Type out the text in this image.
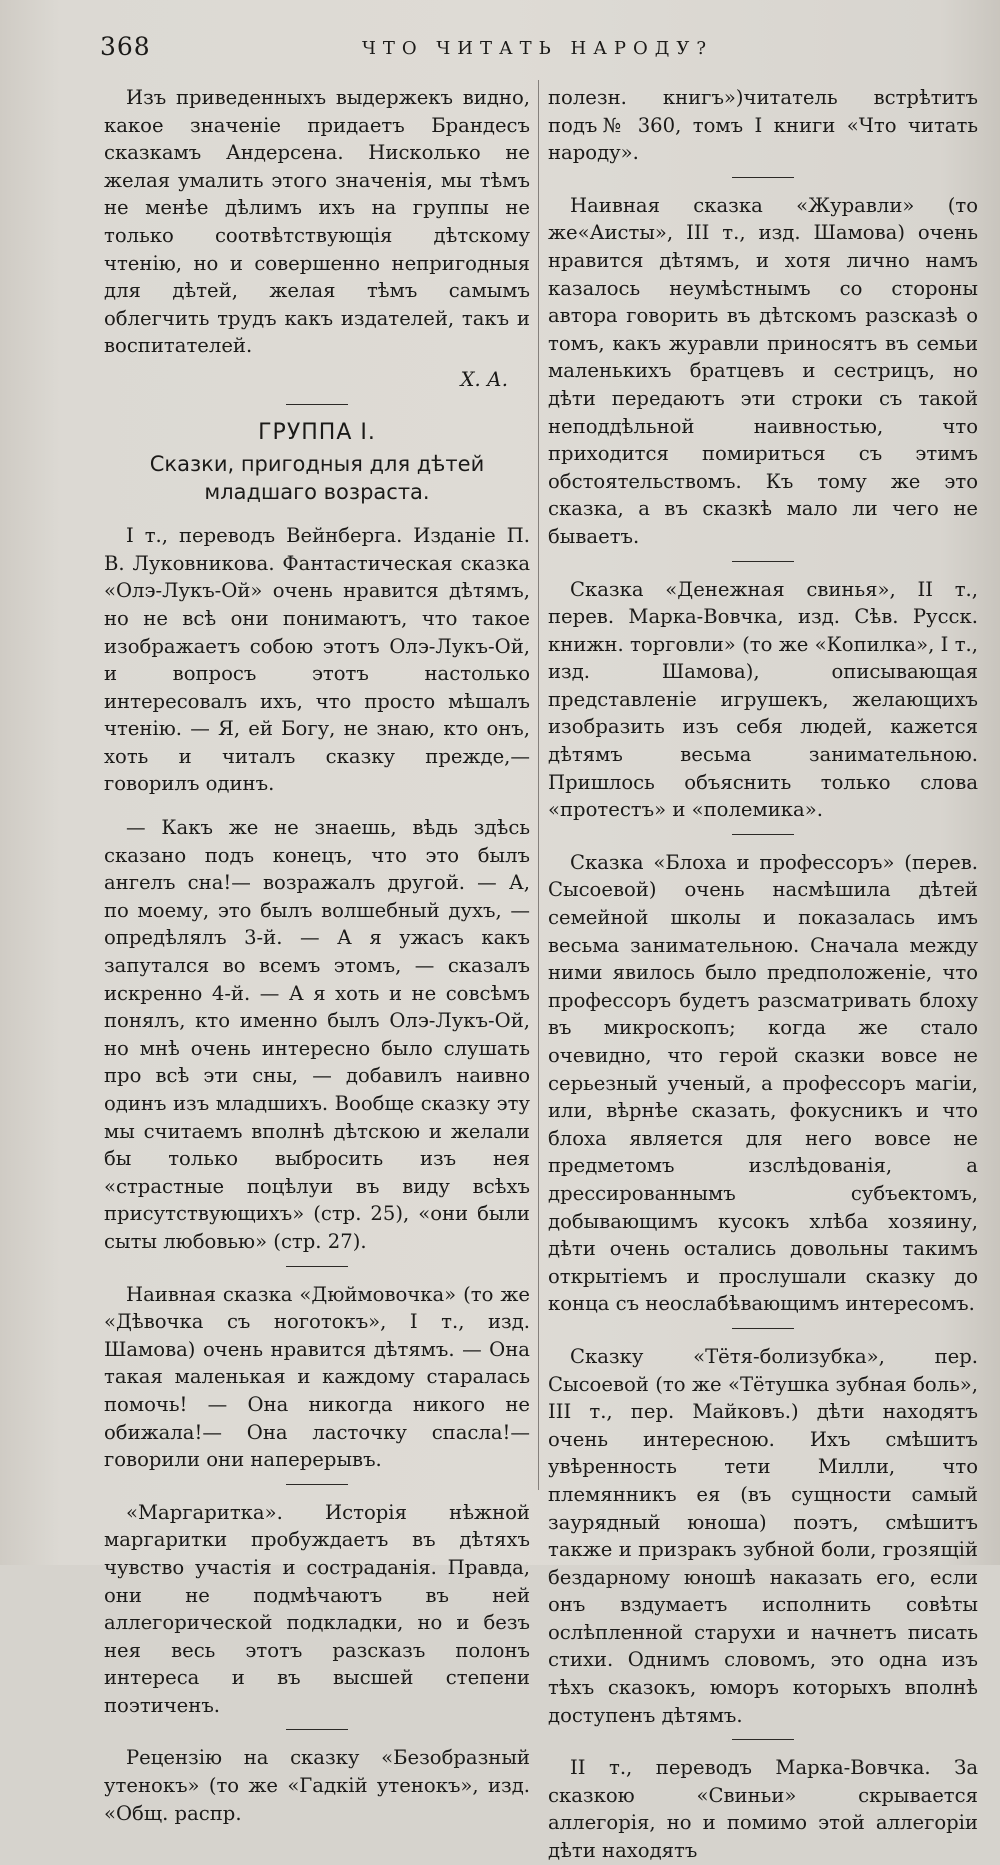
368	ЧТО ЧИТАТЬ НАРОДУ?

Изъ приведенныхъ выдержекъ видно, какое значеніе придаетъ Брандесъ сказкамъ Андерсена. Нисколько не желая умалить этого значенія, мы тѣмъ не менѣе дѣлимъ ихъ на группы не только соотвѣтствующія дѣтскому чтенію, но и совершенно непригодныя для дѣтей, желая тѣмъ самымъ облегчить трудъ какъ издателей, такъ и воспитателей.

Х. А.
ГРУППА I.
Сказки, пригодныя для дѣтей младшаго возраста.

I т., переводъ Вейнберга. Изданіе П. В. Луковникова. Фантастическая сказка «Олэ-Лукъ-Ой» очень нравится дѣтямъ, но не всѣ они понимаютъ, что такое изображаетъ собою этотъ Олэ-Лукъ-Ой, и вопросъ этотъ настолько интересовалъ ихъ, что просто мѣшалъ чтенію. — Я, ей Богу, не знаю, кто онъ, хоть и читалъ сказку прежде,— говорилъ одинъ.

— Какъ же не знаешь, вѣдь здѣсь сказано подъ конецъ, что это былъ ангелъ сна!— возражалъ другой. — А, по моему, это былъ волшебный духъ, — опредѣлялъ 3-й. — А я ужасъ какъ запутался во всемъ этомъ, — сказалъ искренно 4-й. — А я хоть и не совсѣмъ понялъ, кто именно былъ Олэ-Лукъ-Ой, но мнѣ очень интересно было слушать про всѣ эти сны, — добавилъ наивно одинъ изъ младшихъ. Вообще сказку эту мы считаемъ вполнѣ дѣтскою и желали бы только выбросить изъ нея «страстные поцѣлуи въ виду всѣхъ присутствующихъ» (стр. 25), «они были сыты любовью» (стр. 27).

Наивная сказка «Дюймовочка» (то же «Дѣвочка съ ноготокъ», I т., изд. Шамова) очень нравится дѣтямъ. — Она такая маленькая и каждому старалась помочь! — Она никогда никого не обижала!— Она ласточку спасла!— говорили они наперерывъ.

«Маргаритка». Исторія нѣжной маргаритки пробуждаетъ въ дѣтяхъ чувство участія и состраданія. Правда, они не подмѣчаютъ въ ней аллегорической подкладки, но и безъ нея весь этотъ разсказъ полонъ интереса и въ высшей степени поэтиченъ.

Рецензію на сказку «Безобразный утенокъ» (то же «Гадкій утенокъ», изд. «Общ. распр.

полезн. книгъ»)читатель встрѣтитъ подъ№ 360, томъ I книги «Что читать народу».

Наивная сказка «Журавли» (то же«Аисты», III т., изд. Шамова) очень нравится дѣтямъ, и хотя лично намъ казалось неумѣстнымъ со стороны автора говорить въ дѣтскомъ разсказѣ о томъ, какъ журавли приносятъ въ семьи маленькихъ братцевъ и сестрицъ, но дѣти передаютъ эти строки съ такой неподдѣльной наивностью, что приходится помириться съ этимъ обстоятельствомъ. Къ тому же это сказка, а въ сказкѣ мало ли чего не бываетъ.

Сказка «Денежная свинья», II т., перев. Марка-Вовчка, изд. Сѣв. Русск. книжн. торговли» (то же «Копилка», I т., изд. Шамова), описывающая представленіе игрушекъ, желающихъ изобразить изъ себя людей, кажется дѣтямъ весьма занимательною. Пришлось объяснить только слова «протестъ» и «полемика».

Сказка «Блоха и профессоръ» (перев. Сысоевой) очень насмѣшила дѣтей семейной школы и показалась имъ весьма занимательною. Сначала между ними явилось было предположеніе, что профессоръ будетъ разсматривать блоху въ микроскопъ; когда же стало очевидно, что герой сказки вовсе не серьезный ученый, а профессоръ магіи, или, вѣрнѣе сказать, фокусникъ и что блоха является для него вовсе не предметомъ изслѣдованія, а дрессированнымъ субъектомъ, добывающимъ кусокъ хлѣба хозяину, дѣти очень остались довольны такимъ открытіемъ и прослушали сказку до конца съ неослабѣвающимъ интересомъ.

Сказку «Тётя-болизубка», пер. Сысоевой (то же «Тётушка зубная боль», III т., пер. Майковъ.) дѣти находятъ очень интересною. Ихъ смѣшитъ увѣренность тети Милли, что племянникъ ея (въ сущности самый заурядный юноша) поэтъ, смѣшитъ также и призракъ зубной боли, грозящій бездарному юношѣ наказать его, если онъ вздумаетъ исполнить совѣты ослѣпленной старухи и начнетъ писать стихи. Однимъ словомъ, это одна изъ тѣхъ сказокъ, юморъ которыхъ вполнѣ доступенъ дѣтямъ.

II т., переводъ Марка-Вовчка. За сказкою «Свиньи» скрывается аллегорія, но и помимо этой аллегоріи дѣти находятъ
